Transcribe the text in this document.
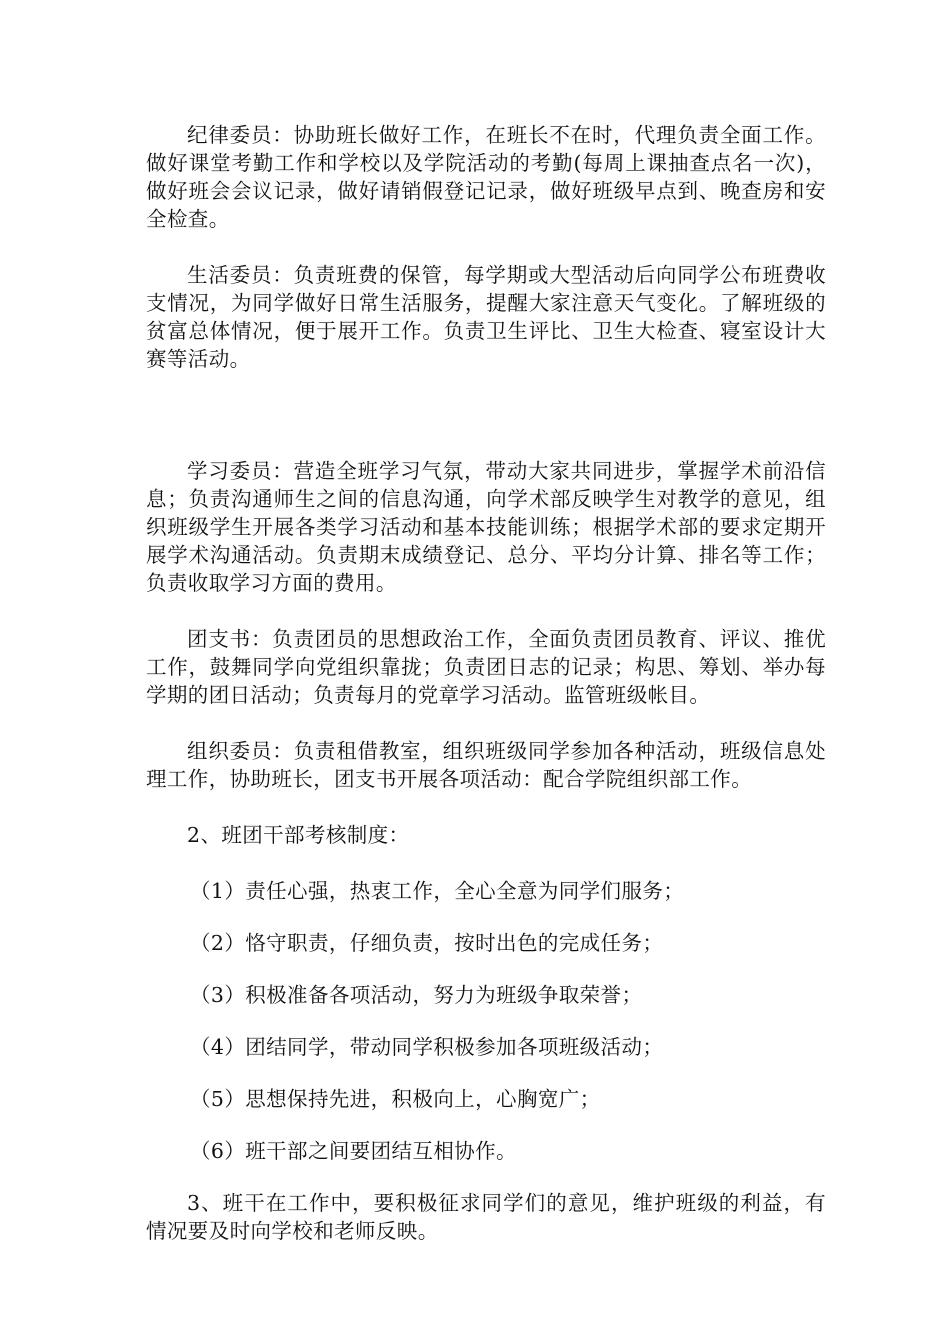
纪律委员：协助班长做好工作，在班长不在时，代理负责全面工作。做好课堂考勤工作和学校以及学院活动的考勤(每周上课抽查点名一次)，做好班会会议记录，做好请销假登记记录，做好班级早点到、晚查房和安全检查。

生活委员：负责班费的保管，每学期或大型活动后向同学公布班费收支情况，为同学做好日常生活服务，提醒大家注意天气变化。了解班级的贫富总体情况，便于展开工作。负责卫生评比、卫生大检查、寝室设计大赛等活动。

学习委员：营造全班学习气氛，带动大家共同进步，掌握学术前沿信息；负责沟通师生之间的信息沟通，向学术部反映学生对教学的意见，组织班级学生开展各类学习活动和基本技能训练；根据学术部的要求定期开展学术沟通活动。负责期末成绩登记、总分、平均分计算、排名等工作；负责收取学习方面的费用。

团支书：负责团员的思想政治工作，全面负责团员教育、评议、推优工作，鼓舞同学向党组织靠拢；负责团日志的记录；构思、筹划、举办每学期的团日活动；负责每月的党章学习活动。监管班级帐目。

组织委员：负责租借教室，组织班级同学参加各种活动，班级信息处理工作，协助班长，团支书开展各项活动：配合学院组织部工作。

2、班团干部考核制度：

（1）责任心强，热衷工作，全心全意为同学们服务；

（2）恪守职责，仔细负责，按时出色的完成任务；

（3）积极准备各项活动，努力为班级争取荣誉；

（4）团结同学，带动同学积极参加各项班级活动；

（5）思想保持先进，积极向上，心胸宽广；

（6）班干部之间要团结互相协作。

3、班干在工作中，要积极征求同学们的意见，维护班级的利益，有情况要及时向学校和老师反映。
